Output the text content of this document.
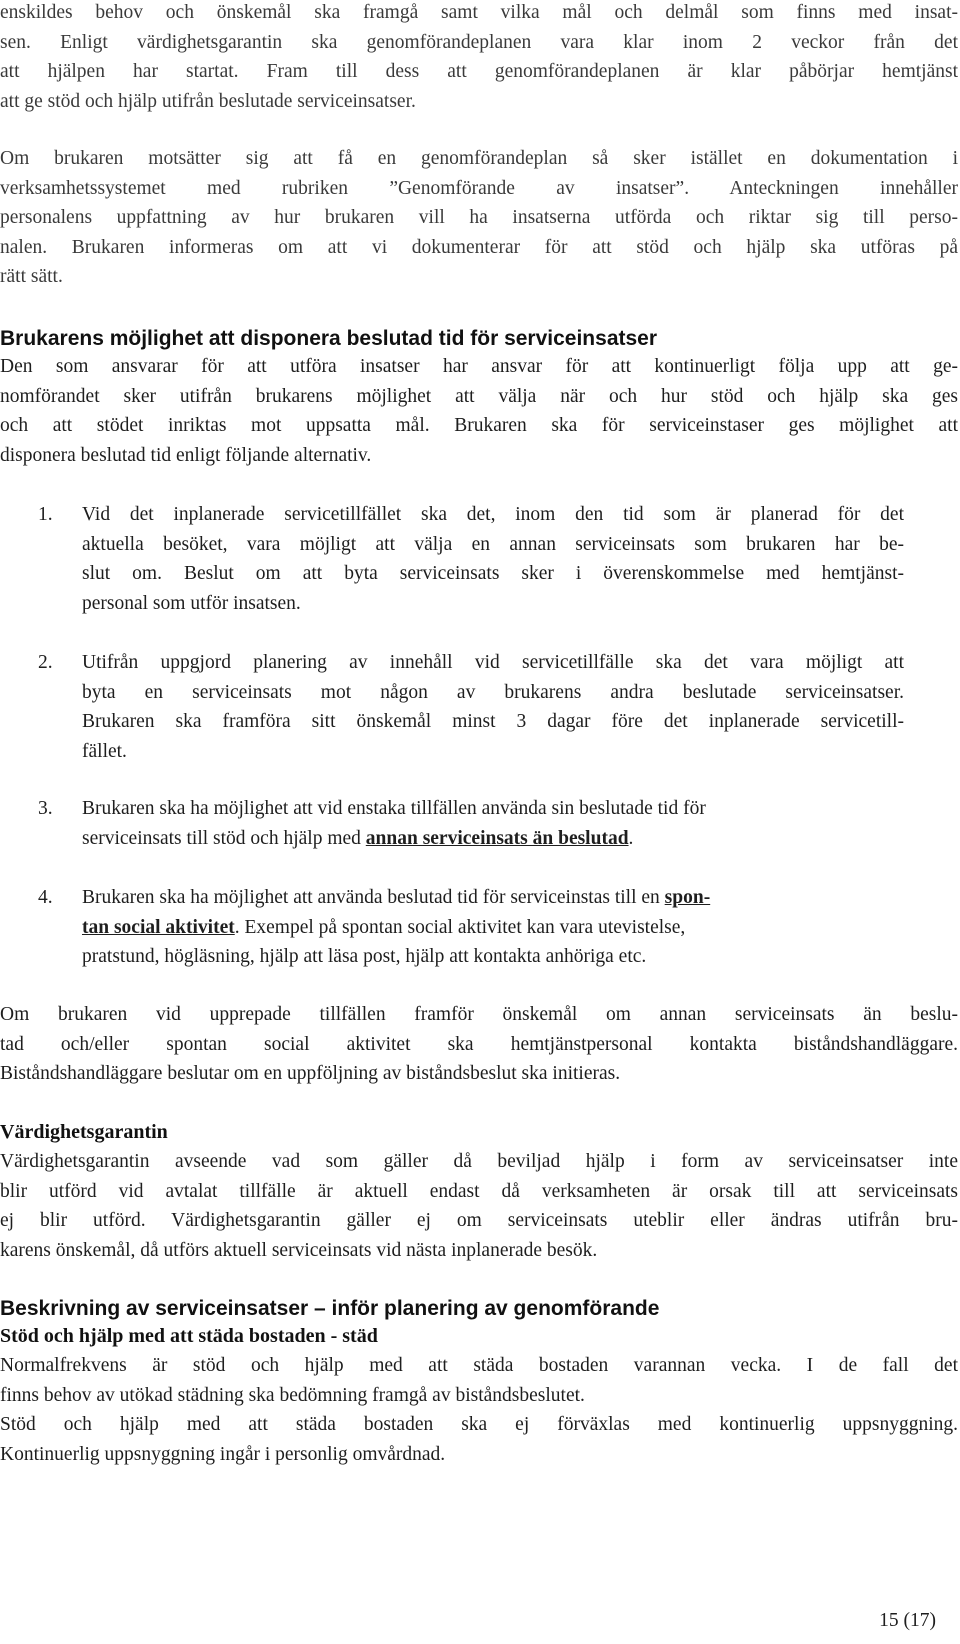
enskildes behov och önskemål ska framgå samt vilka mål och delmål som finns med insat-
sen. Enligt värdighetsgarantin ska genomförandeplanen vara klar inom 2 veckor från det
att hjälpen har startat. Fram till dess att genomförandeplanen är klar påbörjar hemtjänst
att ge stöd och hjälp utifrån beslutade serviceinsatser.
Om brukaren motsätter sig att få en genomförandeplan så sker istället en dokumentation i
verksamhetssystemet med rubriken ”Genomförande av insatser”. Anteckningen innehåller
personalens uppfattning av hur brukaren vill ha insatserna utförda och riktar sig till perso-
nalen. Brukaren informeras om att vi dokumenterar för att stöd och hjälp ska utföras på
rätt sätt.
Brukarens möjlighet att disponera beslutad tid för serviceinsatser
Den som ansvarar för att utföra insatser har ansvar för att kontinuerligt följa upp att ge-
nomförandet sker utifrån brukarens möjlighet att välja när och hur stöd och hjälp ska ges
och att stödet inriktas mot uppsatta mål. Brukaren ska för serviceinstaser ges möjlighet att
disponera beslutad tid enligt följande alternativ.
1. Vid det inplanerade servicetillfället ska det, inom den tid som är planerad för det
aktuella besöket, vara möjligt att välja en annan serviceinsats som brukaren har be-
slut om. Beslut om att byta serviceinsats sker i överenskommelse med hemtjänst-
personal som utför insatsen.
2. Utifrån uppgjord planering av innehåll vid servicetillfälle ska det vara möjligt att
byta en serviceinsats mot någon av brukarens andra beslutade serviceinsatser.
Brukaren ska framföra sitt önskemål minst 3 dagar före det inplanerade servicetill-
fället.
3. Brukaren ska ha möjlighet att vid enstaka tillfällen använda sin beslutade tid för
serviceinsats till stöd och hjälp med annan serviceinsats än beslutad.
4. Brukaren ska ha möjlighet att använda beslutad tid för serviceinstas till en spon-
tan social aktivitet. Exempel på spontan social aktivitet kan vara utevistelse,
pratstund, högläsning, hjälp att läsa post, hjälp att kontakta anhöriga etc.
Om brukaren vid upprepade tillfällen framför önskemål om annan serviceinsats än beslu-
tad och/eller spontan social aktivitet ska hemtjänstpersonal kontakta biståndshandläggare.
Biståndshandläggare beslutar om en uppföljning av biståndsbeslut ska initieras.
Värdighetsgarantin
Värdighetsgarantin avseende vad som gäller då beviljad hjälp i form av serviceinsatser inte
blir utförd vid avtalat tillfälle är aktuell endast då verksamheten är orsak till att serviceinsats
ej blir utförd. Värdighetsgarantin gäller ej om serviceinsats uteblir eller ändras utifrån bru-
karens önskemål, då utförs aktuell serviceinsats vid nästa inplanerade besök.
Beskrivning av serviceinsatser – inför planering av genomförande
Stöd och hjälp med att städa bostaden - städ
Normalfrekvens är stöd och hjälp med att städa bostaden varannan vecka. I de fall det
finns behov av utökad städning ska bedömning framgå av biståndsbeslutet.
Stöd och hjälp med att städa bostaden ska ej förväxlas med kontinuerlig uppsnyggning.
Kontinuerlig uppsnyggning ingår i personlig omvårdnad.
15 (17)
